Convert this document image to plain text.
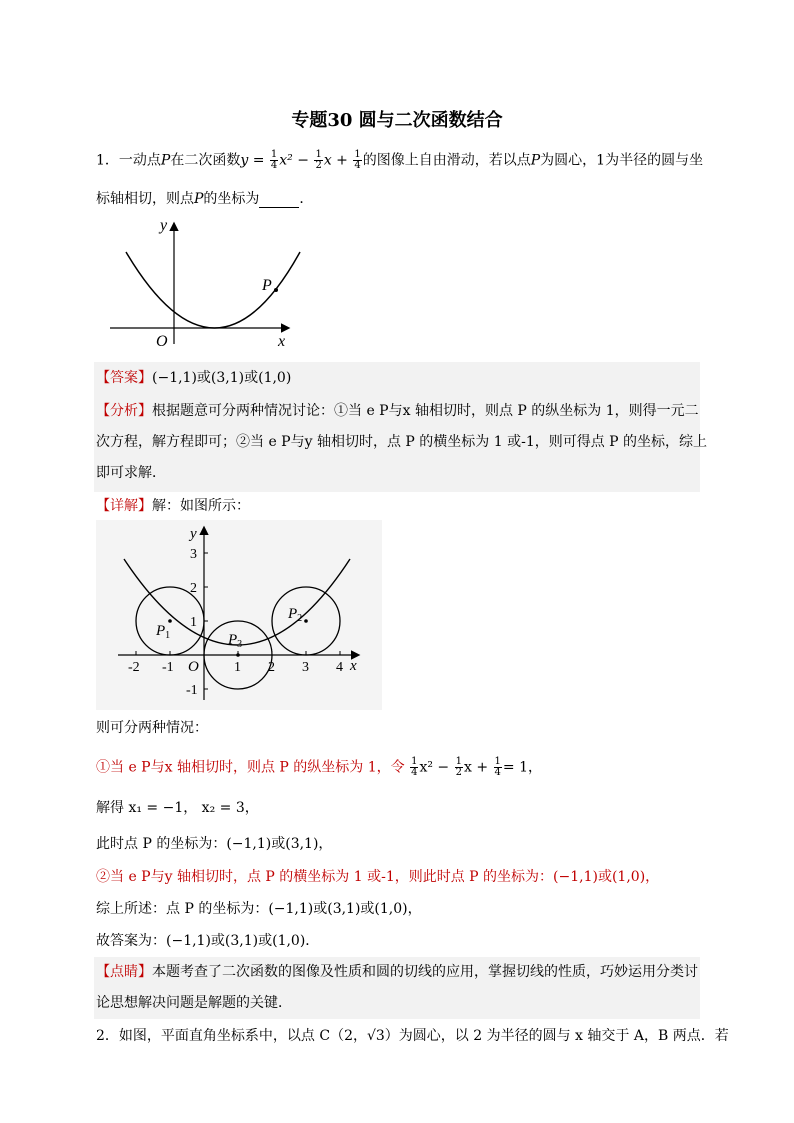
专题30 圆与二次函数结合
1．一动点P在二次函数$y = \frac{1}{4} x^2 - \frac{1}{2}$ $x + \frac{1}{4}$ 的图像上自由滑动，若以点P为圆心，1为半径的圆与坐
标轴相切，则点P的坐标为	．
y
x
O
P
【答案】(−1,1)或(3,1)或(1,0)
【分析】根据题意可分两种情况讨论：①当 e P与x 轴相切时，则点 P 的纵坐标为 1，则得一元二
次方程，解方程即可；②当 e P与y 轴相切时，点 P 的横坐标为 1 或-1，则可得点 P 的坐标，综上
即可求解．
【详解】解：如图所示：
y
x
O
-2 -1	1 2 3 4
3
2
1
-1
$P_1$
$P_2$
$P_3$
则可分两种情况：
①当 e P与x 轴相切时，则点 P 的纵坐标为 1，令 $\frac{1}{4} x^2 - \frac{1}{2}$ $x + \frac{1}{4} = 1$，
解得 x₁ = −1， x₂ = 3，
此时点 P 的坐标为：(−1,1)或(3,1)，
②当 e P与y 轴相切时，点 P 的横坐标为 1 或-1，则此时点 P 的坐标为：(−1,1)或(1,0)，
综上所述：点 P 的坐标为：(−1,1)或(3,1)或(1,0)，
故答案为：(−1,1)或(3,1)或(1,0)．
【点睛】本题考查了二次函数的图像及性质和圆的切线的应用，掌握切线的性质，巧妙运用分类讨
论思想解决问题是解题的关键．
2．如图，平面直角坐标系中，以点 C（2，√3）为圆心，以 2 为半径的圆与 x 轴交于 A，B 两点．若
